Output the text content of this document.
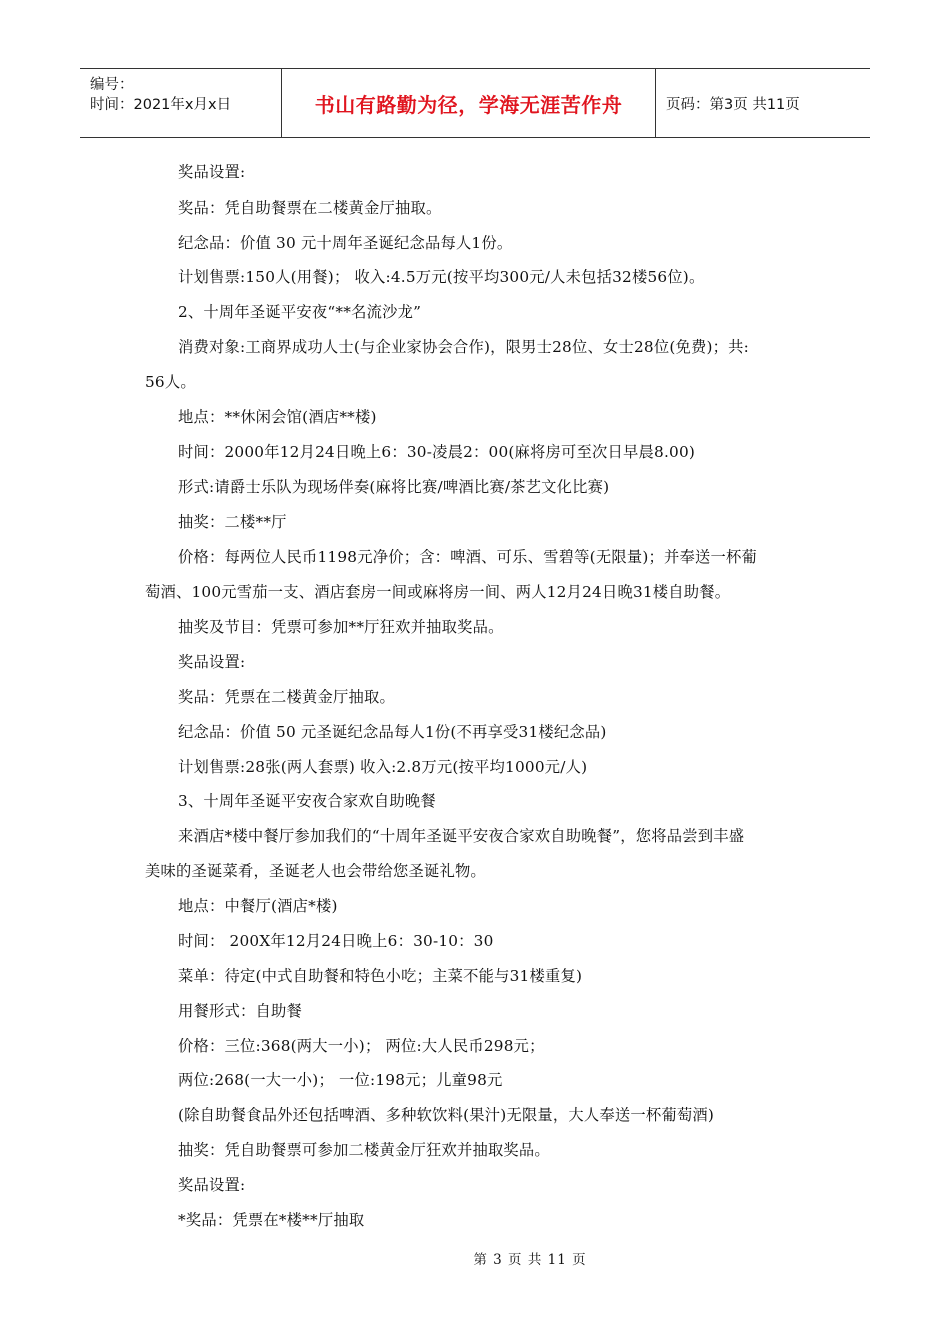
编号：
时间：2021年x月x日	书山有路勤为径，学海无涯苦作舟	页码：第3页 共11页
奖品设置:
奖品：凭自助餐票在二楼黄金厅抽取。
纪念品：价值 30 元十周年圣诞纪念品每人1份。
计划售票:150人(用餐)； 收入:4.5万元(按平均300元/人未包括32楼56位)。
2、十周年圣诞平安夜“**名流沙龙”
消费对象:工商界成功人士(与企业家协会合作)，限男士28位、女士28位(免费)；共:
56人。
地点：**休闲会馆(酒店**楼)
时间：2000年12月24日晚上6：30-凌晨2：00(麻将房可至次日早晨8.00)
形式:请爵士乐队为现场伴奏(麻将比赛/啤酒比赛/茶艺文化比赛)
抽奖：二楼**厅
价格：每两位人民币1198元净价；含：啤酒、可乐、雪碧等(无限量)；并奉送一杯葡
萄酒、100元雪茄一支、酒店套房一间或麻将房一间、两人12月24日晚31楼自助餐。
抽奖及节目：凭票可参加**厅狂欢并抽取奖品。
奖品设置:
奖品：凭票在二楼黄金厅抽取。
纪念品：价值 50 元圣诞纪念品每人1份(不再享受31楼纪念品)
计划售票:28张(两人套票) 收入:2.8万元(按平均1000元/人)
3、十周年圣诞平安夜合家欢自助晚餐
来酒店*楼中餐厅参加我们的“十周年圣诞平安夜合家欢自助晚餐”，您将品尝到丰盛
美味的圣诞菜肴，圣诞老人也会带给您圣诞礼物。
地点：中餐厅(酒店*楼)
时间： 200X年12月24日晚上6：30-10：30
菜单：待定(中式自助餐和特色小吃；主菜不能与31楼重复)
用餐形式：自助餐
价格：三位:368(两大一小)； 两位:大人民币298元；
两位:268(一大一小)； 一位:198元；儿童98元
(除自助餐食品外还包括啤酒、多种软饮料(果汁)无限量，大人奉送一杯葡萄酒)
抽奖：凭自助餐票可参加二楼黄金厅狂欢并抽取奖品。
奖品设置:
*奖品：凭票在*楼**厅抽取
第 3 页 共 11 页
